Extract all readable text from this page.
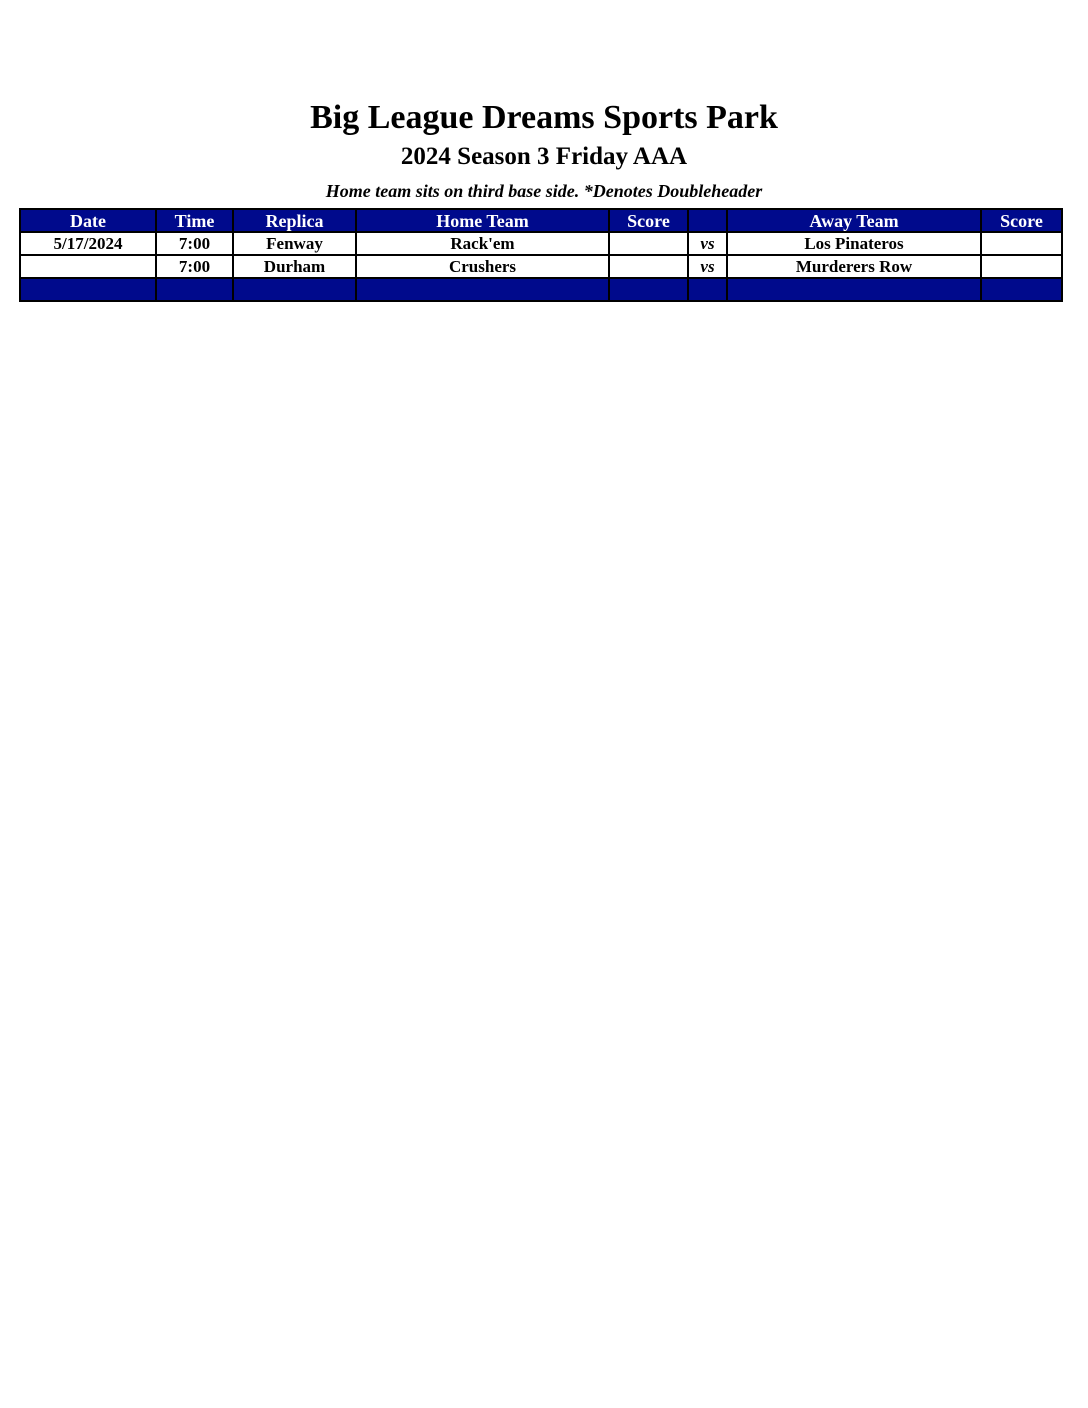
Big League Dreams Sports Park
2024 Season 3 Friday AAA
Home team sits on third base side. *Denotes Doubleheader
Date	Time	Replica	Home Team	Score		Away Team	Score
5/17/2024	7:00	Fenway	Rack'em		vs	Los Pinateros	
	7:00	Durham	Crushers		vs	Murderers Row	
